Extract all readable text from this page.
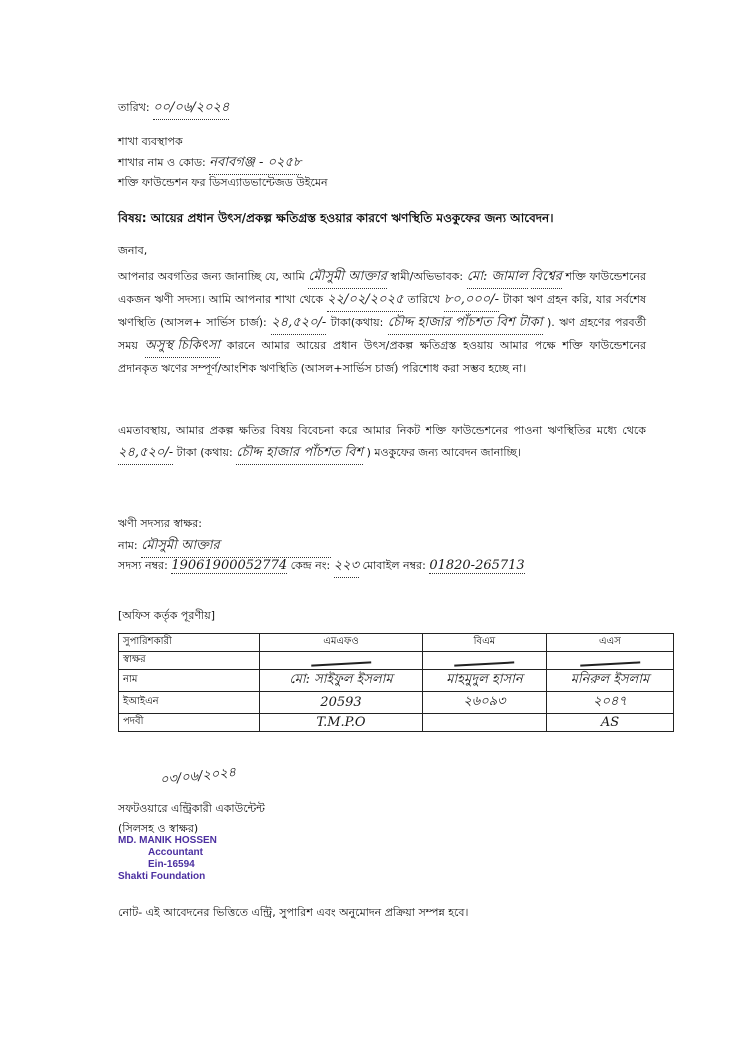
তারিখ: ০০/০৬/২০২৪
শাখা ব্যবস্থাপক
শাখার নাম ও কোড: নবাবগঞ্জ - ০২৫৮
শক্তি ফাউন্ডেশন ফর ডিসএ্যাডভান্টেজড উইমেন
বিষয়: আয়ের প্রধান উৎস/প্রকল্প ক্ষতিগ্রস্ত হওয়ার কারণে ঋণস্থিতি মওকুফের জন্য আবেদন।
জনাব,
আপনার অবগতির জন্য জানাচ্ছি যে, আমি মৌসুমী আক্তার স্বামী/অভিভাবক: মো: জামাল বিশ্বের শক্তি ফাউন্ডেশনের একজন ঋণী সদস্য। আমি আপনার শাখা থেকে ২২/০২/২০২৫ তারিখে ৮০,০০০/- টাকা ঋণ গ্রহন করি, যার সর্বশেষ ঋণস্থিতি (আসল+ সার্ভিস চার্জ): ২৪,৫২০/- টাকা(কথায়: চৌদ্দ হাজার পাঁচশত বিশ টাকা ). ঋণ গ্রহণের পরবর্তী সময় অসুস্থ চিকিৎসা কারনে আমার আয়ের প্রধান উৎস/প্রকল্প ক্ষতিগ্রস্ত হওয়ায় আমার পক্ষে শক্তি ফাউন্ডেশনের প্রদানকৃত ঋণের সম্পূর্ণ/আংশিক ঋণস্থিতি (আসল+সার্ভিস চার্জ) পরিশোধ করা সম্ভব হচ্ছে না।
এমতাবস্থায়, আমার প্রকল্প ক্ষতির বিষয় বিবেচনা করে আমার নিকট শক্তি ফাউন্ডেশনের পাওনা ঋণস্থিতির মধ্যে থেকে ২৪,৫২০/- টাকা (কথায়: চৌদ্দ হাজার পাঁচশত বিশ ) মওকুফের জন্য আবেদন জানাচ্ছি।
ঋণী সদস্যর স্বাক্ষর:
নাম: মৌসুমী আক্তার
সদস্য নম্বর: 19061900052774 কেন্দ্র নং: ২২৩ মোবাইল নম্বর: 01820-265713
[অফিস কর্তৃক পূরণীয়]
সুপারিশকারী	এমএফও	বিএম	এএস
স্বাক্ষর			
নাম	মো: সাইফুল ইসলাম	মাহমুদুল হাসান	মনিরুল ইসলাম
ইআইএন	20593	২৬০৯৩	২০৪৭
পদবী	T.M.P.O		AS
০৩/০৬/২০২৪
সফটওয়ারে এন্ট্রিকারী একাউন্টেন্ট
(সিলসহ ও স্বাক্ষর)
MD. MANIK HOSSEN
Accountant
Ein-16594
Shakti Foundation
নোট- এই আবেদনের ভিত্তিতে এন্ট্রি, সুপারিশ এবং অনুমোদন প্রক্রিয়া সম্পন্ন হবে।
